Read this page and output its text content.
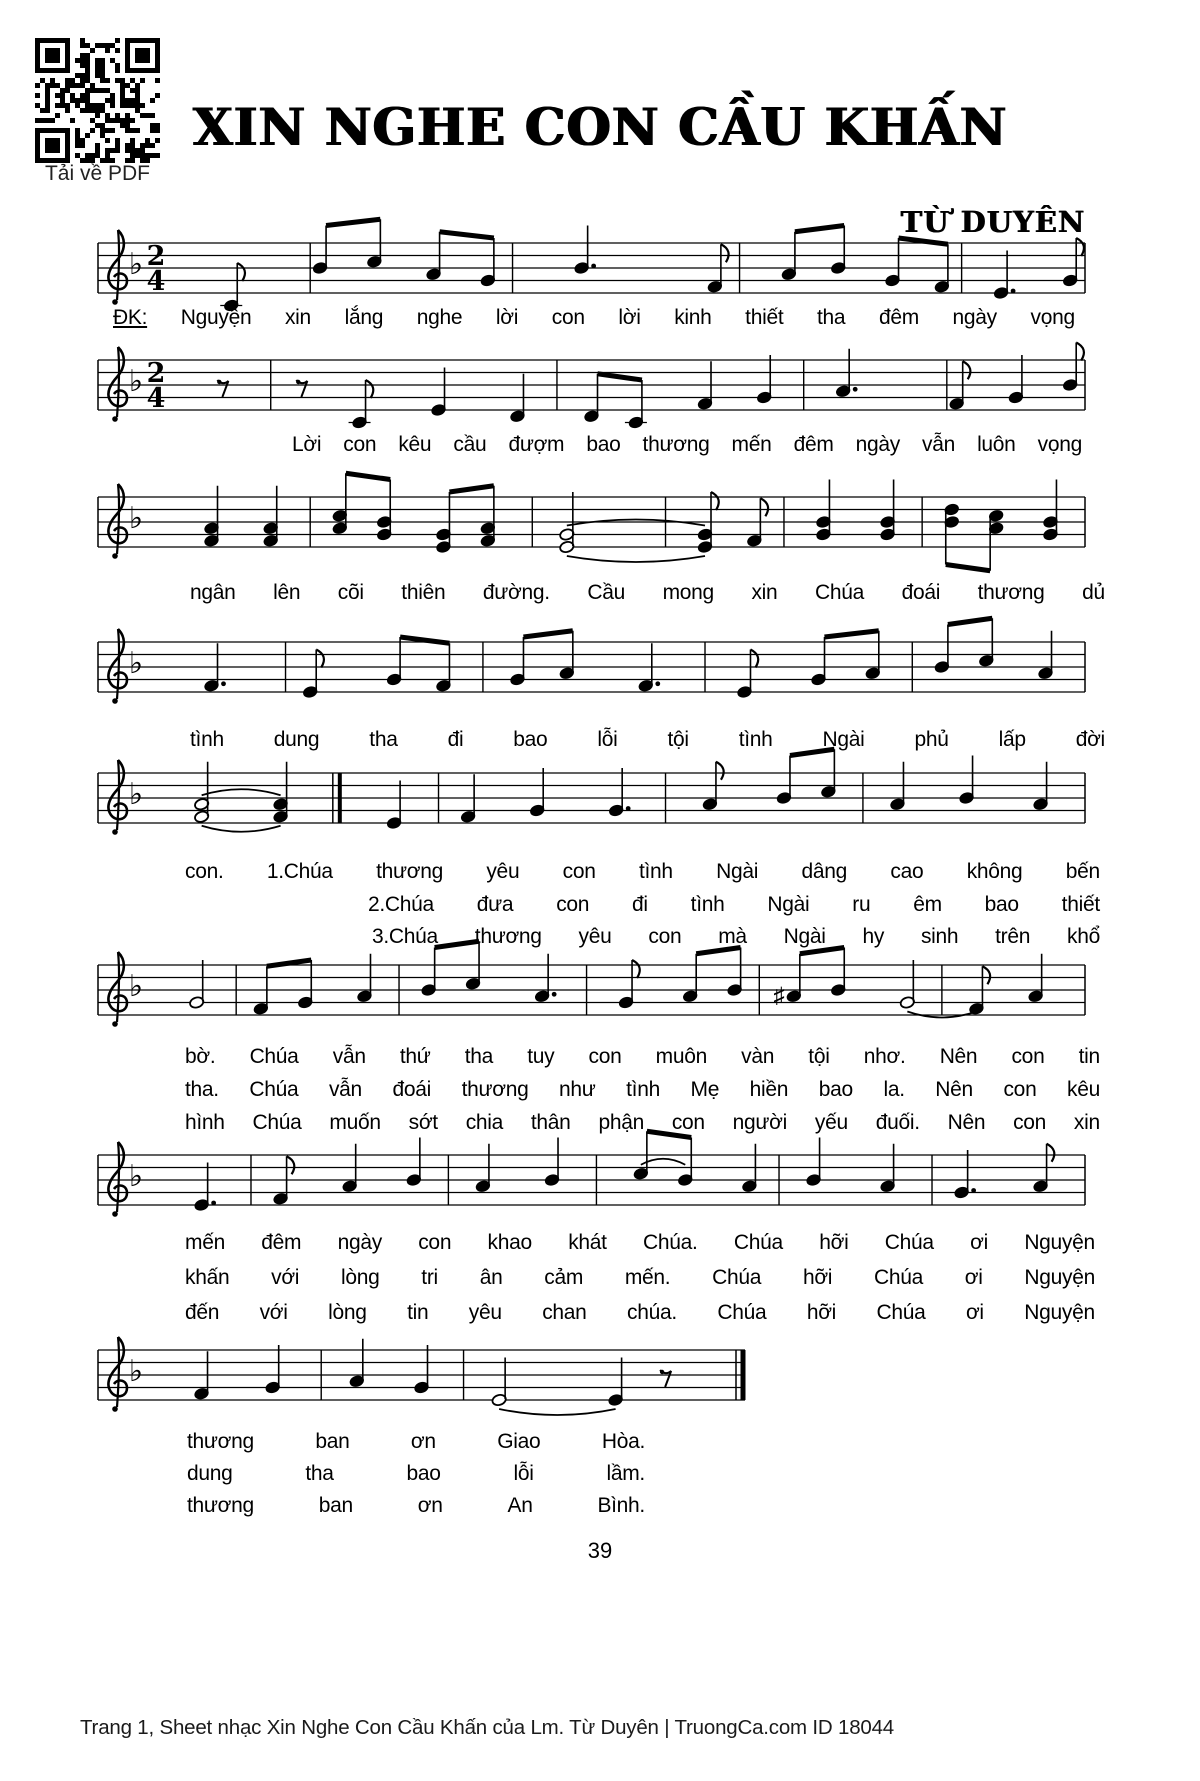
Tải về PDF
XIN NGHE CON CẦU KHẤN
TỪ DUYÊN
♭ 2
4
♭ 2
4
♭
♭
♭
♭	♯
♭
♭
ĐK: Nguyện xin lắng nghe lời con lời kinh thiết tha đêm ngày vọng
Lời con kêu cầu đượm bao thương mến đêm ngày vẫn luôn vọng
ngân lên cõi thiên đường. Cầu mong xin Chúa đoái thương dủ
tình dung tha đi bao lỗi tội tình Ngài phủ lấp đời
con. 1.Chúa thương yêu con tình Ngài dâng cao không bến
2.Chúa đưa con đi tình Ngài ru êm bao thiết
3.Chúa thương yêu con mà Ngài hy sinh trên khổ
bờ. Chúa vẫn thứ tha tuy con muôn vàn tội nhơ. Nên con tin
tha. Chúa vẫn đoái thương như tình Mẹ hiền bao la. Nên con kêu
hình Chúa muốn sớt chia thân phận con người yếu đuối. Nên con xin
mến đêm ngày con khao khát Chúa. Chúa hỡi Chúa ơi Nguyện
khấn với lòng tri ân cảm mến. Chúa hỡi Chúa ơi Nguyện
đến với lòng tin yêu chan chúa. Chúa hỡi Chúa ơi Nguyện
thương	ban	ơn	Giao	Hòa.
dung	tha	bao	lỗi	lầm.
thương	ban	ơn	An	Bình.
39
Trang 1, Sheet nhạc Xin Nghe Con Cầu Khấn của Lm. Từ Duyên | TruongCa.com ID 18044
